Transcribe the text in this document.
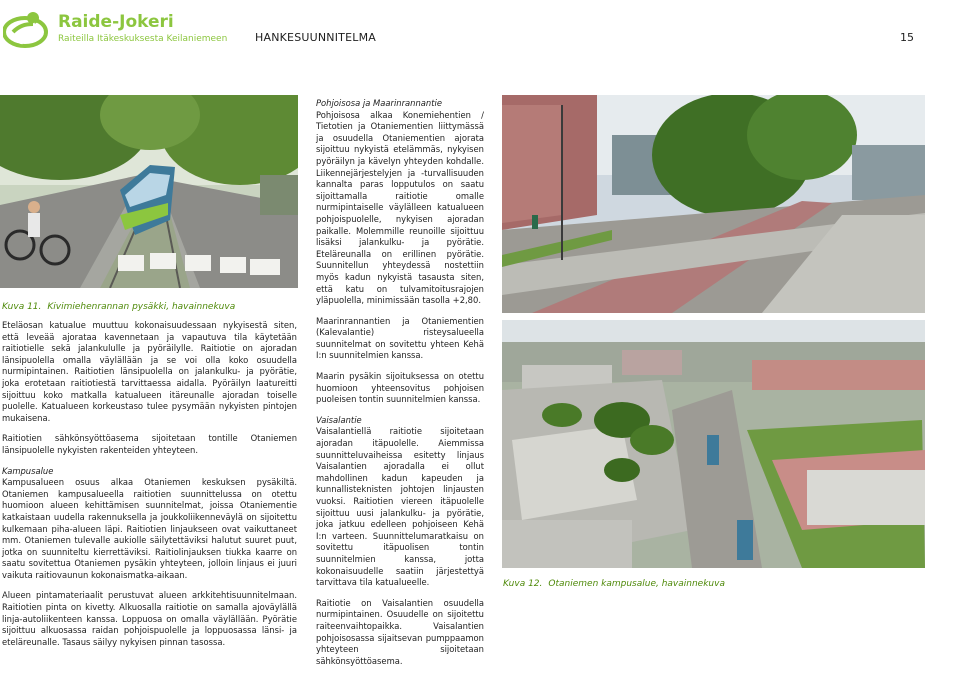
Raide-Jokeri
Raiteilla Itäkeskuksesta Keilaniemeen	HANKESUUNNITELMA	15
Kuva 11. Kivimiehenrannan pysäkki, havainnekuva

Eteläosan katualue muuttuu kokonaisuudessaan nykyisestä siten, että leveää ajorataa kavennetaan ja vapautuva tila käytetään raitiotielle sekä jalankululle ja pyöräilylle. Raitiotie on ajoradan länsipuolella omalla väylällään ja se voi olla koko osuudella nurmipintainen. Raitiotien länsipuolella on jalankulku- ja pyörätie, joka erotetaan raitiotiestä tarvittaessa aidalla. Pyöräilyn laatureitti sijoittuu koko matkalla katualueen itäreunalle ajoradan toiselle puolelle. Katualueen korkeustaso tulee pysymään nykyisten pintojen mukaisena.

Raitiotien sähkönsyöttöasema sijoitetaan tontille Otaniemen länsipuolelle nykyisten rakenteiden yhteyteen.

Kampusalue

Kampusalueen osuus alkaa Otaniemen keskuksen pysäkiltä. Otaniemen kampusalueella raitiotien suunnittelussa on otettu huomioon alueen kehittämisen suunnitelmat, joissa Otaniementie katkaistaan uudella rakennuksella ja joukkoliikenneväylä on sijoitettu kulkemaan piha-alueen läpi. Raitiotien linjaukseen ovat vaikuttaneet mm. Otaniemen tulevalle aukiolle säilytettäviksi halutut suuret puut, jotka on suunniteltu kierrettäviksi. Raitiolinjauksen tiukka kaarre on saatu sovitettua Otaniemen pysäkin yhteyteen, jolloin linjaus ei juuri vaikuta raitiovaunun kokonaismatka-aikaan.

Alueen pintamateriaalit perustuvat alueen arkkitehtisuunnitelmaan. Raitiotien pinta on kivetty. Alkuosalla raitiotie on samalla ajoväylällä linja-autoliikenteen kanssa. Loppuosa on omalla väylällään. Pyörätie sijoittuu alkuosassa raidan pohjoispuolelle ja loppuosassa länsi- ja eteläreunalle. Tasaus säilyy nykyisen pinnan tasossa.

Pohjoisosa ja Maarinrannantie

Pohjoisosa alkaa Konemiehentien / Tietotien ja Otaniementien liittymässä ja osuudella Otaniementien ajorata sijoittuu nykyistä etelämmäs, nykyisen pyöräilyn ja kävelyn yhteyden kohdalle. Liikennejärjestelyjen ja -turvallisuuden kannalta paras lopputulos on saatu sijoittamalla raitiotie omalle nurmipintaiselle väylälleen katualueen pohjoispuolelle, nykyisen ajoradan paikalle. Molemmille reunoille sijoittuu lisäksi jalankulku- ja pyörätie. Eteläreunalla on erillinen pyörätie. Suunnitellun yhteydessä nostettiin myös kadun nykyistä tasausta siten, että katu on tulvamitoitusrajojen yläpuolella, minimissään tasolla +2,80.

Maarinrannantien ja Otaniementien (Kalevalantie) risteysalueella suunnitelmat on sovitettu yhteen Kehä I:n suunnitelmien kanssa.

Maarin pysäkin sijoituksessa on otettu huomioon yhteensovitus pohjoisen puoleisen tontin suunnitelmien kanssa.

Vaisalantie

Vaisalantiellä raitiotie sijoitetaan ajoradan itäpuolelle. Aiemmissa suunnitteluvaiheissa esitetty linjaus Vaisalantien ajoradalla ei ollut mahdollinen kadun kapeuden ja kunnallisteknisten johtojen linjausten vuoksi. Raitiotien viereen itäpuolelle sijoittuu uusi jalankulku- ja pyörätie, joka jatkuu edelleen pohjoiseen Kehä I:n varteen. Suunnittelumaratkaisu on sovitettu itäpuolisen tontin suunnitelmien kanssa, jotta kokonaisuudelle saatiin järjestettyä tarvittava tila katualueelle.

Raitiotie on Vaisalantien osuudella nurmipintainen. Osuudelle on sijoitettu raiteenvaihtopaikka. Vaisalantien pohjoisosassa sijaitsevan pumppaamon yhteyteen sijoitetaan sähkönsyöttöasema.

Kuva 12. Otaniemen kampusalue, havainnekuva
